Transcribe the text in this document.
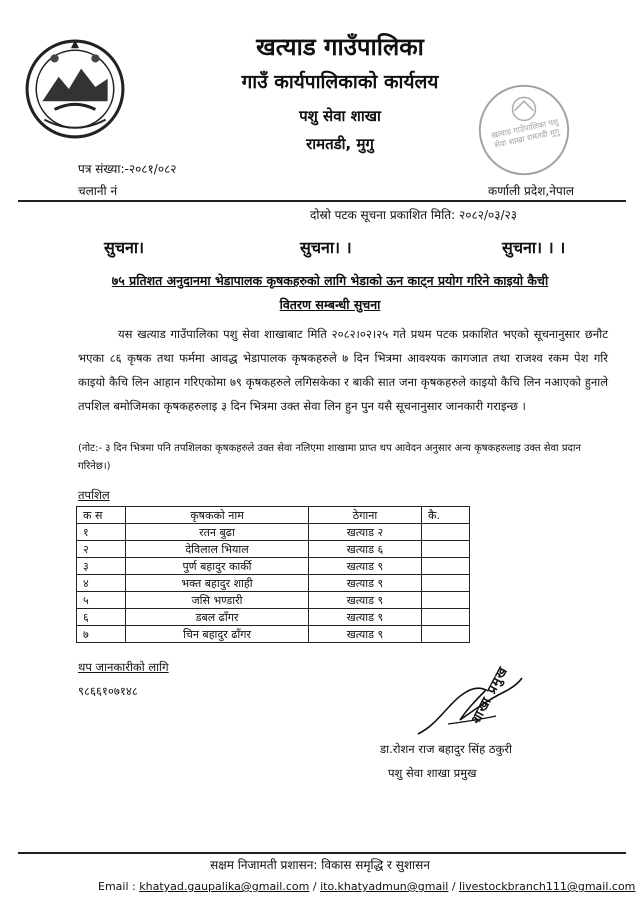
खत्याड गाउँपालिका
गाउँ कार्यपालिकाको कार्यलय
पशु सेवा शाखा
रामतडी, मुगु
खत्याड गाउँपालिका पशु सेवा शाखा रामतडी मुगु
पत्र संख्या:-२०८१/०८२
चलानी नं	कर्णाली प्रदेश,नेपाल
दोस्रो पटक सूचना प्रकाशित मिति: २०८२/०३/२३
सुचना।	सुचना। ।	सुचना। । ।
७५ प्रतिशत अनुदानमा भेडापालक कृषकहरुको लागि भेडाको ऊन काट्न प्रयोग गरिने काइयो कैची
वितरण सम्बन्धी सुचना
यस खत्याड गाउँपालिका पशु सेवा शाखाबाट मिति २०८२।०२।२५ गते प्रथम पटक प्रकाशित भएको सूचनानुसार छनौट भएका ८६ कृषक तथा फर्ममा आवद्ध भेडापालक कृषकहरुले ७ दिन भित्रमा आवश्यक कागजात तथा राजश्व रकम पेश गरि काइयो कैचि लिन आहान गरिएकोमा ७९ कृषकहरुले लगिसकेका र बाकी सात जना कृषकहरुले काइयो कैचि लिन नआएको हुनाले तपशिल बमोजिमका कृषकहरुलाइ ३ दिन भित्रमा उक्त सेवा लिन हुन पुन यसै सूचनानुसार जानकारी गराइन्छ ।
(नोट:- ३ दिन भित्रमा पनि तपशिलका कृषकहरुले उक्त सेवा नलिएमा शाखामा प्राप्त थप आवेदन अनुसार अन्य कृषकहरुलाइ उक्त सेवा प्रदान गरिनेछ।)
तपशिल
क स	कृषकको नाम	ठेगाना	कै.
१	रतन बुढा	खत्याड २	
२	देविलाल भियाल	खत्याड ६	
३	पुर्ण बहादुर कार्की	खत्याड ९	
४	भक्त बहादुर शाही	खत्याड ९	
५	जसि भण्डारी	खत्याड ९	
६	डबल ढाँगर	खत्याड ९	
७	चिन बहादुर ढाँगर	खत्याड ९	
थप जानकारीको लागि
९८६६१०७१४८	शाखा प्रमुख
डा.रोशन राज बहादुर सिंह ठकुरी
पशु सेवा शाखा प्रमुख
सक्षम निजामती प्रशासन: विकास समृद्धि र सुशासन
Email : khatyad.gaupalika@gmail.com / ito.khatyadmun@gmail / livestockbranch111@gmail.com
